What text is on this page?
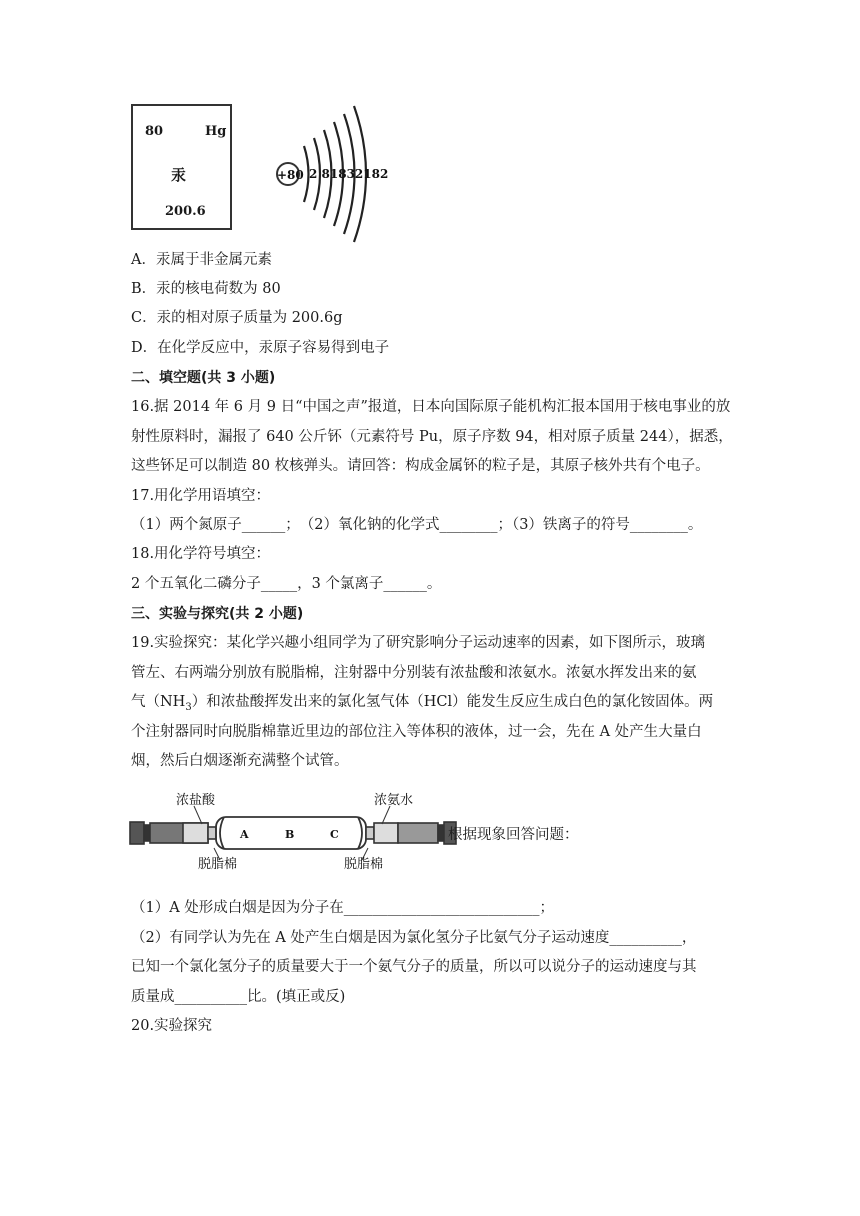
80	Hg
汞
200.6
+80 2 81832182
A．汞属于非金属元素
B．汞的核电荷数为 80
C．汞的相对原子质量为 200.6g
D．在化学反应中，汞原子容易得到电子
二、填空题(共 3 小题)
16.据 2014 年 6 月 9 日“中国之声”报道，日本向国际原子能机构汇报本国用于核电事业的放
射性原料时，漏报了 640 公斤钚（元素符号 Pu，原子序数 94，相对原子质量 244），据悉，
这些钚足可以制造 80 枚核弹头。请回答：构成金属钚的粒子是，其原子核外共有个电子。
17.用化学用语填空：
（1）两个氮原子______；　（2）氧化钠的化学式________；（3）铁离子的符号________。
18.用化学符号填空：
2 个五氧化二磷分子_____，3 个氯离子______。
三、实验与探究(共 2 小题)
19.实验探究：某化学兴趣小组同学为了研究影响分子运动速率的因素，如下图所示，玻璃
管左、右两端分别放有脱脂棉，注射器中分别装有浓盐酸和浓氨水。浓氨水挥发出来的氨
气$(NH_3)$和浓盐酸挥发出来的氯化氢气体（HCl）能发生反应生成白色的氯化铵固体。两
个注射器同时向脱脂棉靠近里边的部位注入等体积的液体，过一会，先在 A 处产生大量白
烟，然后白烟逐渐充满整个试管。
浓盐酸	浓氨水
A	B	C
脱脂棉	脱脂棉
根据现象回答问题：
（1）A 处形成白烟是因为分子在___________________________；
（2）有同学认为先在 A 处产生白烟是因为氯化氢分子比氨气分子运动速度__________，
已知一个氯化氢分子的质量要大于一个氨气分子的质量，所以可以说分子的运动速度与其
质量成__________比。(填正或反)
20.实验探究
